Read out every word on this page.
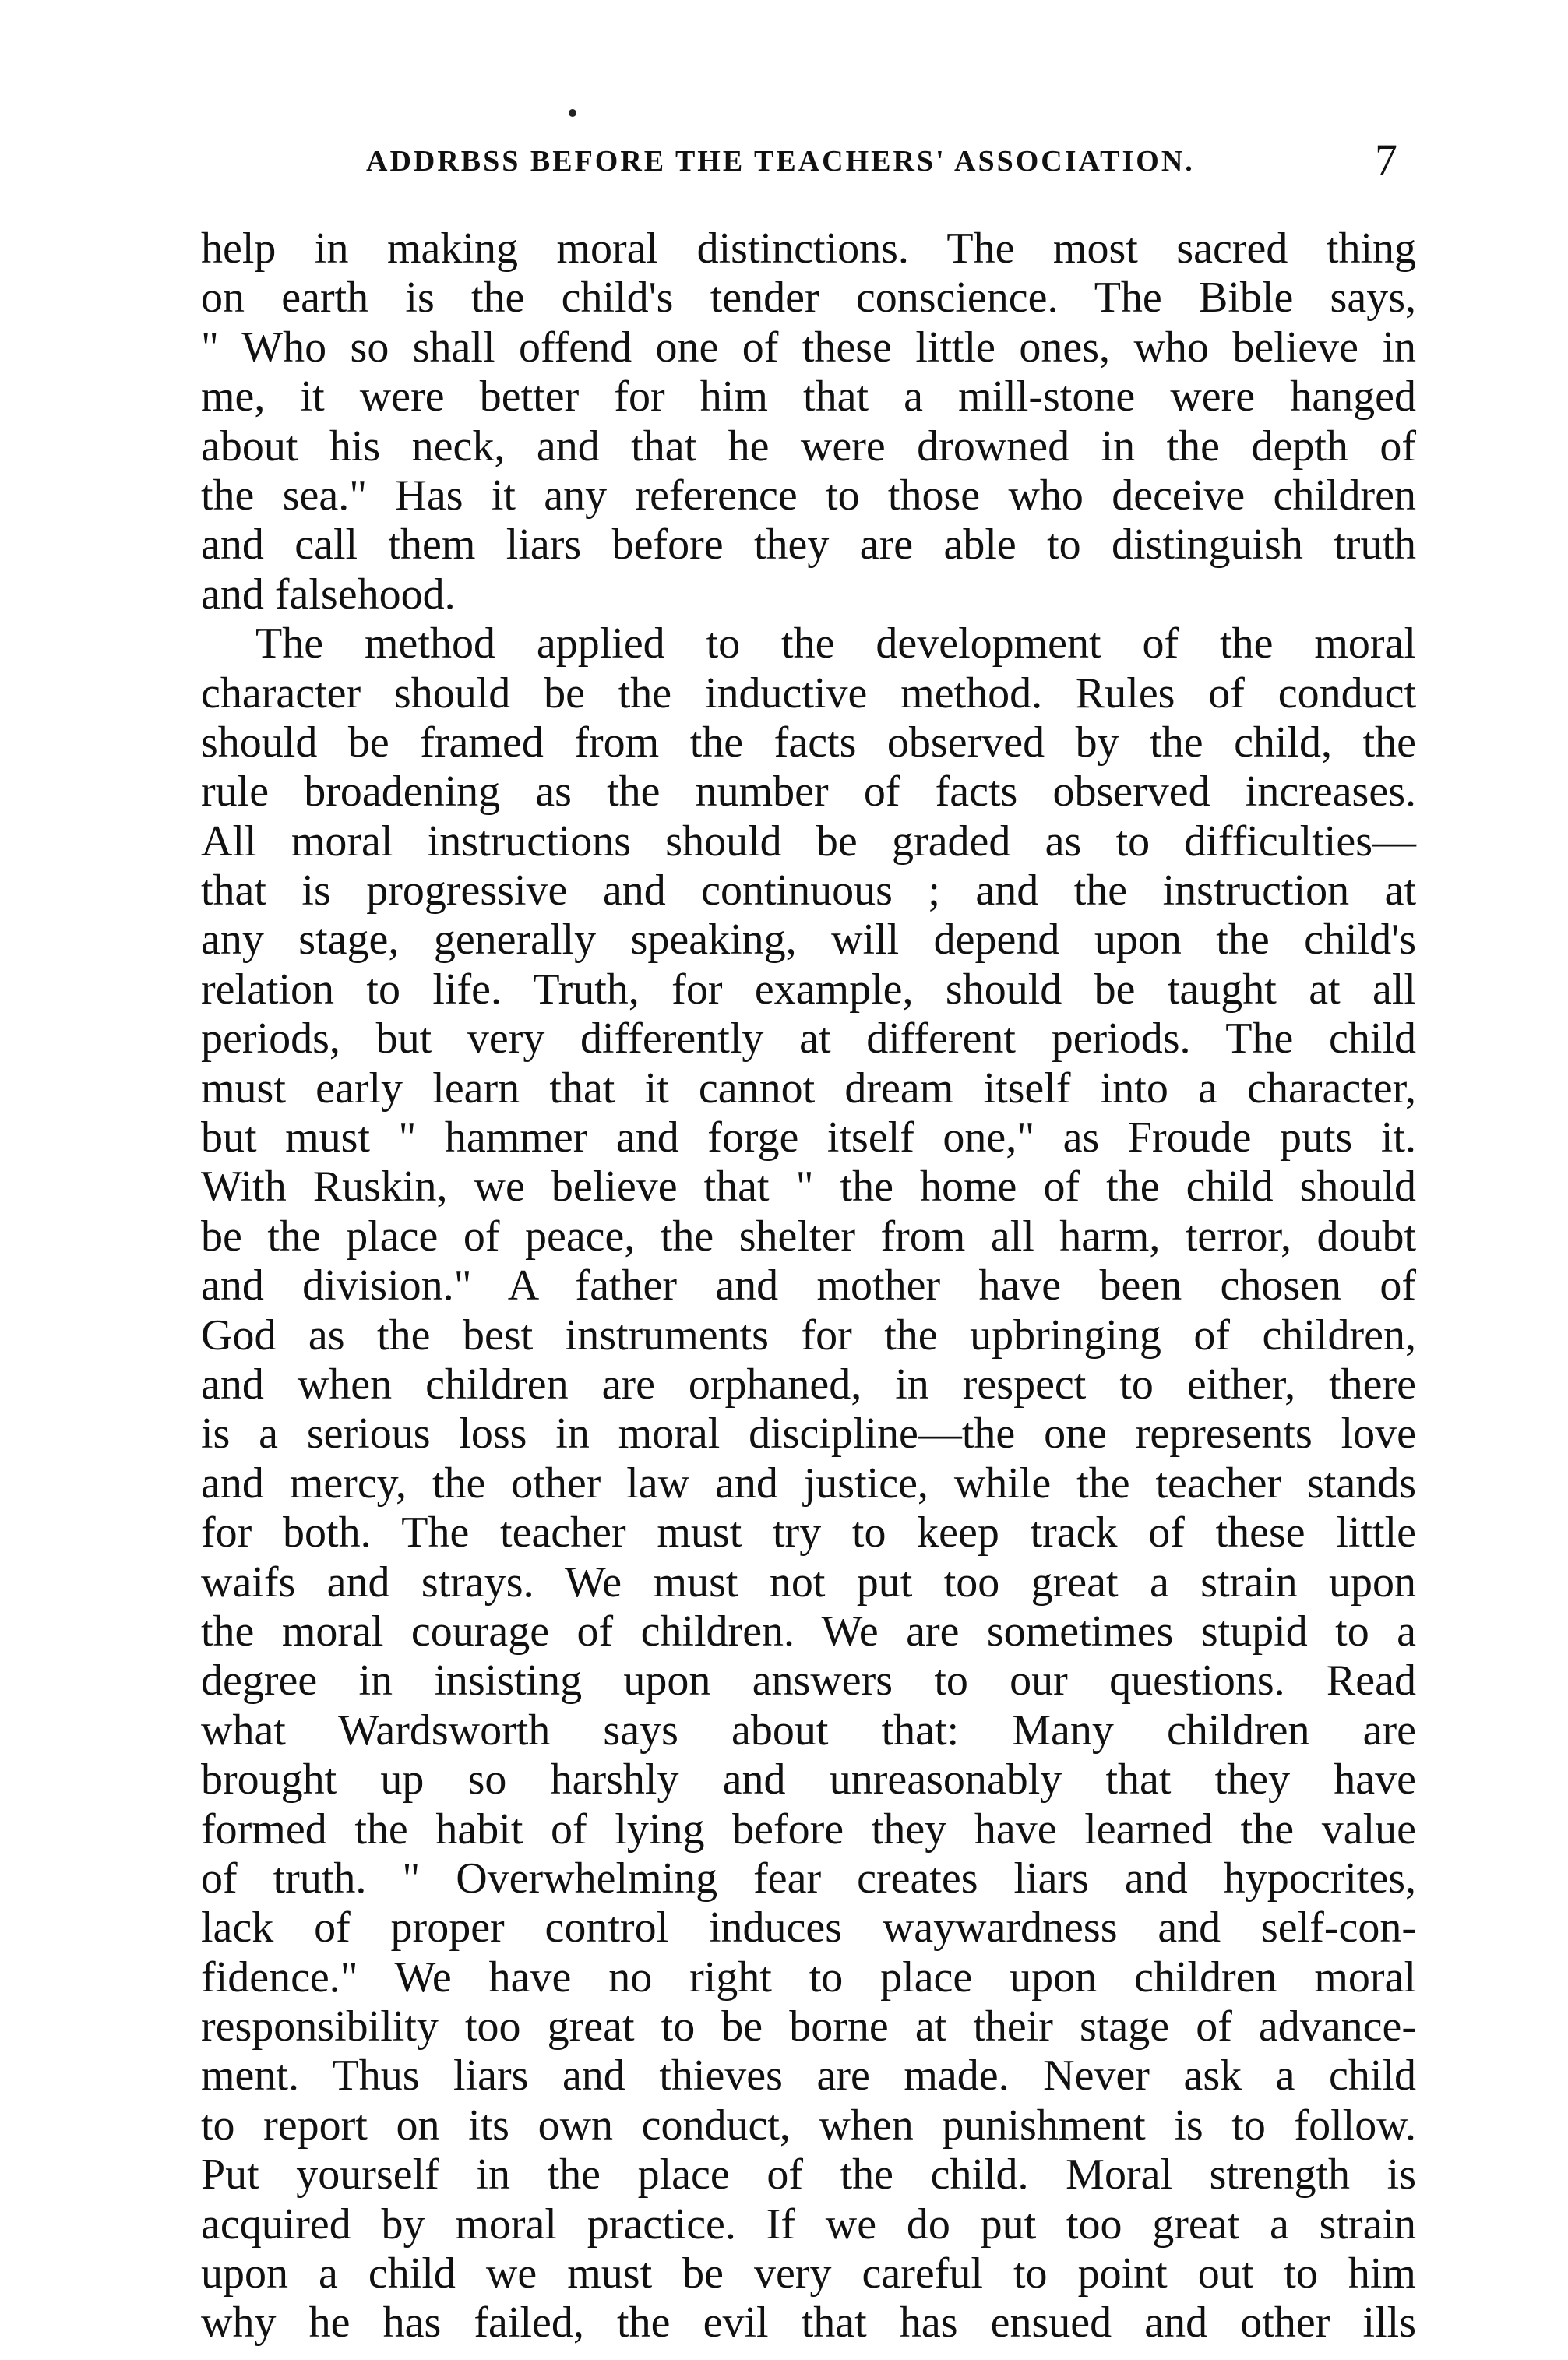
ADDRBSS BEFORE THE TEACHERS' ASSOCIATION.	7
help in making moral distinctions. The most sacred thing
on earth is the child's tender conscience. The Bible says,
" Who so shall offend one of these little ones, who believe in
me, it were better for him that a mill-stone were hanged
about his neck, and that he were drowned in the depth of
the sea." Has it any reference to those who deceive children
and call them liars before they are able to distinguish truth
and falsehood.
The method applied to the development of the moral
character should be the inductive method. Rules of conduct
should be framed from the facts observed by the child, the
rule broadening as the number of facts observed increases.
All moral instructions should be graded as to difficulties—
that is progressive and continuous ; and the instruction at
any stage, generally speaking, will depend upon the child's
relation to life. Truth, for example, should be taught at all
periods, but very differently at different periods. The child
must early learn that it cannot dream itself into a character,
but must " hammer and forge itself one," as Froude puts it.
With Ruskin, we believe that " the home of the child should
be the place of peace, the shelter from all harm, terror, doubt
and division." A father and mother have been chosen of
God as the best instruments for the upbringing of children,
and when children are orphaned, in respect to either, there
is a serious loss in moral discipline—the one represents love
and mercy, the other law and justice, while the teacher stands
for both. The teacher must try to keep track of these little
waifs and strays. We must not put too great a strain upon
the moral courage of children. We are sometimes stupid to a
degree in insisting upon answers to our questions. Read
what Wardsworth says about that: Many children are
brought up so harshly and unreasonably that they have
formed the habit of lying before they have learned the value
of truth. " Overwhelming fear creates liars and hypocrites,
lack of proper control induces waywardness and self-con-
fidence." We have no right to place upon children moral
responsibility too great to be borne at their stage of advance-
ment. Thus liars and thieves are made. Never ask a child
to report on its own conduct, when punishment is to follow.
Put yourself in the place of the child. Moral strength is
acquired by moral practice. If we do put too great a strain
upon a child we must be very careful to point out to him
why he has failed, the evil that has ensued and other ills
